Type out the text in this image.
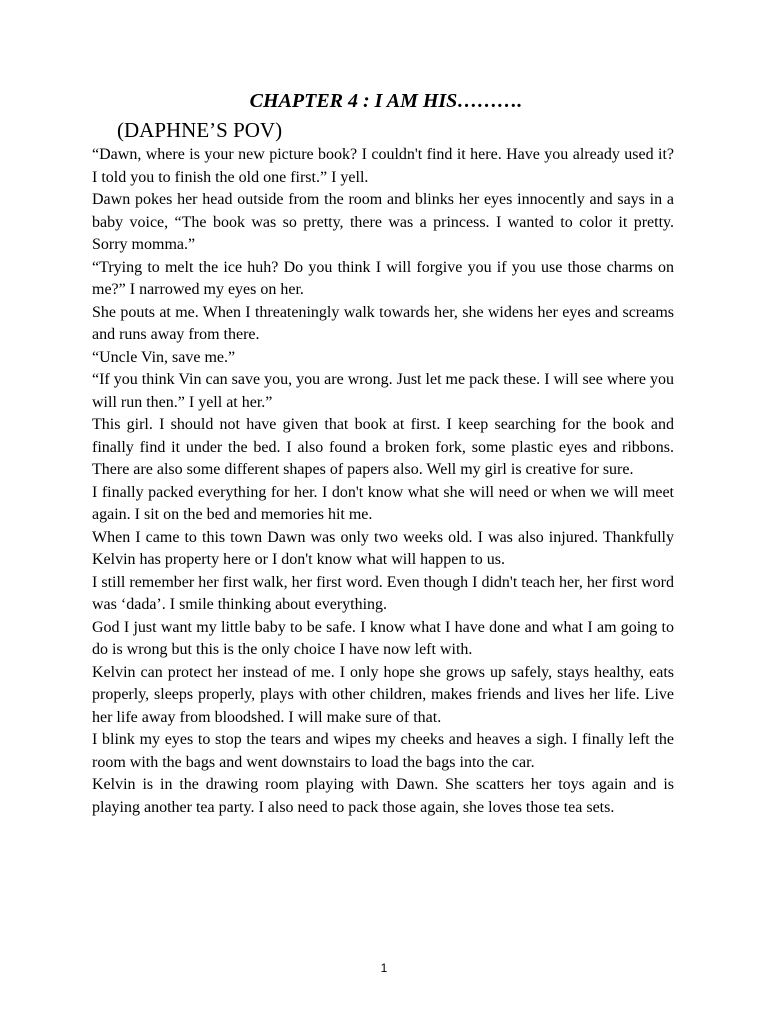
CHAPTER 4 : I AM HIS……….
(DAPHNE’S POV)

“Dawn, where is your new picture book? I couldn't find it here. Have you already used it? I told you to finish the old one first.” I yell.

Dawn pokes her head outside from the room and blinks her eyes innocently and says in a baby voice, “The book was so pretty, there was a princess. I wanted to color it pretty. Sorry momma.”

“Trying to melt the ice huh? Do you think I will forgive you if you use those charms on me?” I narrowed my eyes on her.

She pouts at me. When I threateningly walk towards her, she widens her eyes and screams and runs away from there.

“Uncle Vin, save me.”

“If you think Vin can save you, you are wrong. Just let me pack these. I will see where you will run then.” I yell at her.”

This girl. I should not have given that book at first. I keep searching for the book and finally find it under the bed. I also found a broken fork, some plastic eyes and ribbons. There are also some different shapes of papers also. Well my girl is creative for sure.

I finally packed everything for her. I don't know what she will need or when we will meet again. I sit on the bed and memories hit me.

When I came to this town Dawn was only two weeks old. I was also injured. Thankfully Kelvin has property here or I don't know what will happen to us.

I still remember her first walk, her first word. Even though I didn't teach her, her first word was ‘dada’. I smile thinking about everything.

God I just want my little baby to be safe. I know what I have done and what I am going to do is wrong but this is the only choice I have now left with.

Kelvin can protect her instead of me. I only hope she grows up safely, stays healthy, eats properly, sleeps properly, plays with other children, makes friends and lives her life. Live her life away from bloodshed. I will make sure of that.

I blink my eyes to stop the tears and wipes my cheeks and heaves a sigh. I finally left the room with the bags and went downstairs to load the bags into the car.

Kelvin is in the drawing room playing with Dawn. She scatters her toys again and is playing another tea party. I also need to pack those again, she loves those tea sets.

1
